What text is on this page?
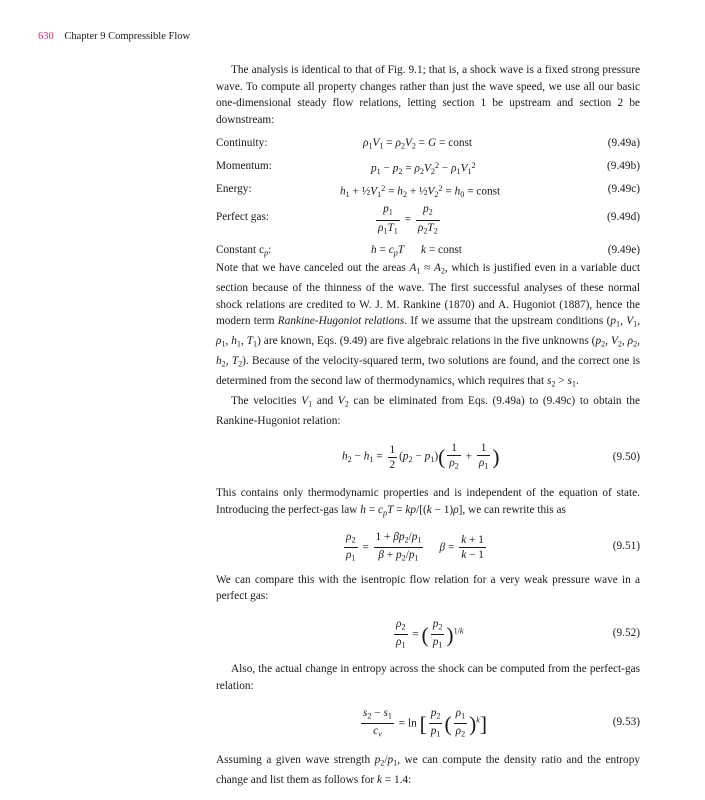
630 Chapter 9 Compressible Flow

The analysis is identical to that of Fig. 9.1; that is, a shock wave is a fixed strong pressure wave. To compute all property changes rather than just the wave speed, we use all our basic one-dimensional steady flow relations, letting section 1 be upstream and section 2 be downstream:

Continuity:	$\rho_1V_1 = \rho_2V_2 = G$ = const	(9.49a)
Momentum:	$p_1 - p_2 = \rho_2V_2^2 - \rho_1V_1^2$	(9.49b)
Energy:	$h_1$ + $\frac{1}{2}V_1^2 = h_2$ + $\frac{1}{2}V_2^2 = h_0$ = const	(9.49c)
Perfect gas:	$\frac{p_1}{\rho_1T_1} = \frac{p_2}{\rho_2T_2}$	(9.49d)
Constant $c_p$:	$h = c_pT$ k = const	(9.49e)

Note that we have canceled out the areas $A_1 \approx A_2$, which is justified even in a variable duct section because of the thinness of the wave. The first successful analyses of these normal shock relations are credited to W. J. M. Rankine (1870) and A. Hugoniot (1887), hence the modern term Rankine-Hugoniot relations. If we assume that the upstream conditions ($p_1$, $V_1$, $\rho_1$, $h_1$, $T_1$) are known, Eqs. (9.49) are five algebraic relations in the five unknowns ($p_2$, $V_2$, $\rho_2$, $h_2$, $T_2$). Because of the velocity-squared term, two solutions are found, and the correct one is determined from the second law of thermodynamics, which requires that $s_2 > s_1$.

The velocities $V_1$ and $V_2$ can be eliminated from Eqs. (9.49a) to (9.49c) to obtain the Rankine-Hugoniot relation:

$h_2 - h_1 = \frac{1}{2} (p_2 - p_1)( \frac{1}{\rho_2} + \frac{1}{\rho_1}$ )	(9.50)

This contains only thermodynamic properties and is independent of the equation of state. Introducing the perfect-gas law $h = c_pT = kp/[(k - 1)\rho]$, we can rewrite this as

$\frac{\rho_2}{\rho_1} = \frac{1 + \beta p_2/p_1}{\beta + p_2/p_1}$ $\beta = \frac{k + 1}{k - 1}$	(9.51)

We can compare this with the isentropic flow relation for a very weak pressure wave in a perfect gas:

$\frac{\rho_2}{\rho_1}$ = ( $\frac{p_2}{p_1} )^{1/k}$	(9.52)

Also, the actual change in entropy across the shock can be computed from the perfect-gas relation:

$\frac{s_2 - s_1}{c_v} = \ln$ [ $\frac{p_2}{p_1}$ ( $\frac{\rho_1}{\rho_2} )^k$]	(9.53)

Assuming a given wave strength $p_2/p_1$, we can compute the density ratio and the entropy change and list them as follows for k = 1.4:
